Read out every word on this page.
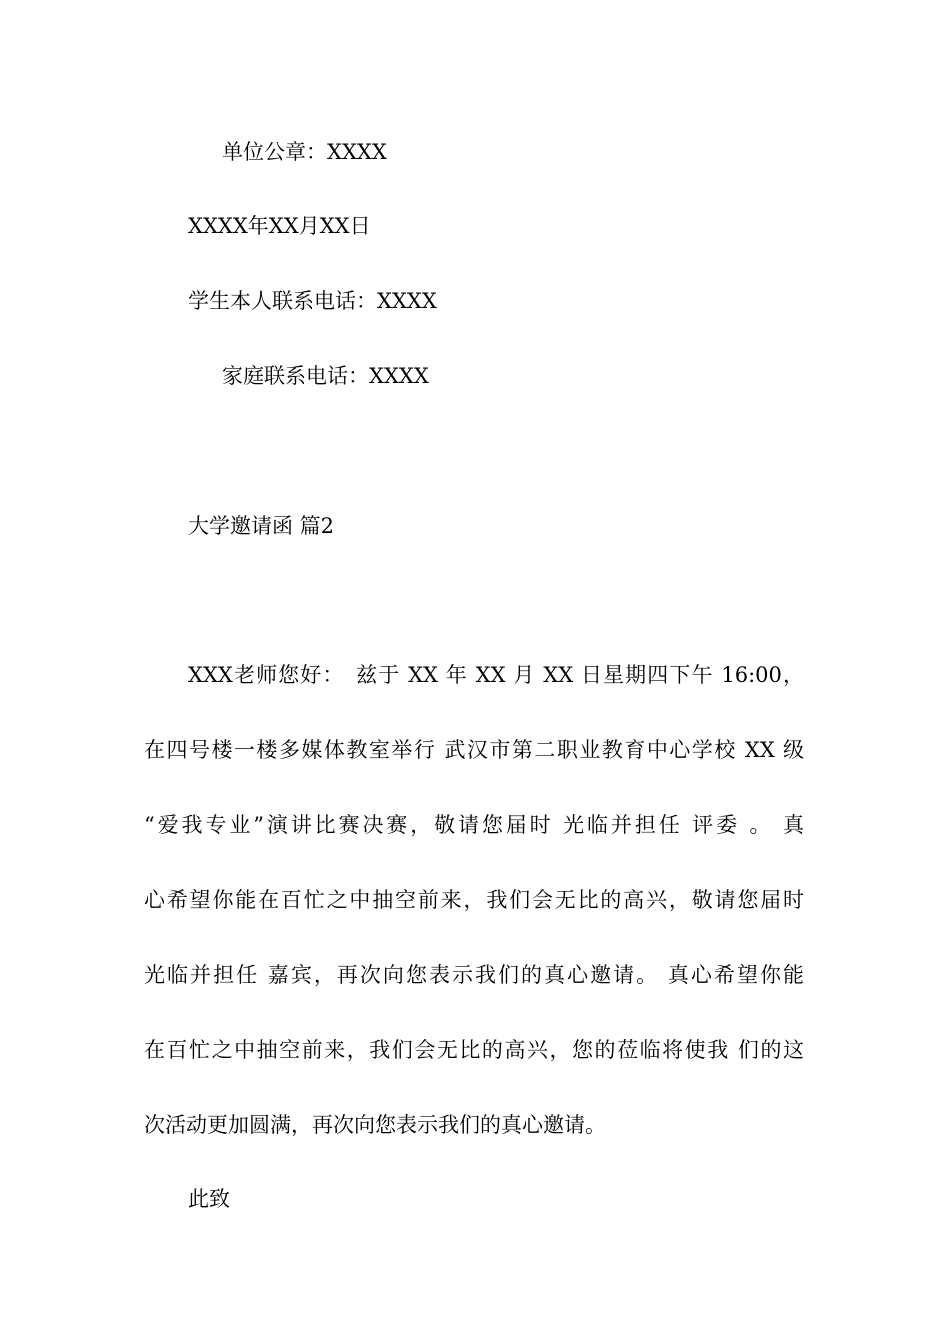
单位公章：XXXX
XXXX年XX月XX日
学生本人联系电话：XXXX
家庭联系电话：XXXX
大学邀请函 篇2
XXX老师您好：　兹于 XX 年 XX 月 XX 日星期四下午 16:00，
在四号楼一楼多媒体教室举行 武汉市第二职业教育中心学校 XX 级
“爱我专业”演讲比赛决赛，敬请您届时 光临并担任 评委 。 真
心希望你能在百忙之中抽空前来，我们会无比的高兴，敬请您届时
光临并担任 嘉宾，再次向您表示我们的真心邀请。 真心希望你能
在百忙之中抽空前来，我们会无比的高兴，您的莅临将使我 们的这
次活动更加圆满，再次向您表示我们的真心邀请。
此致
